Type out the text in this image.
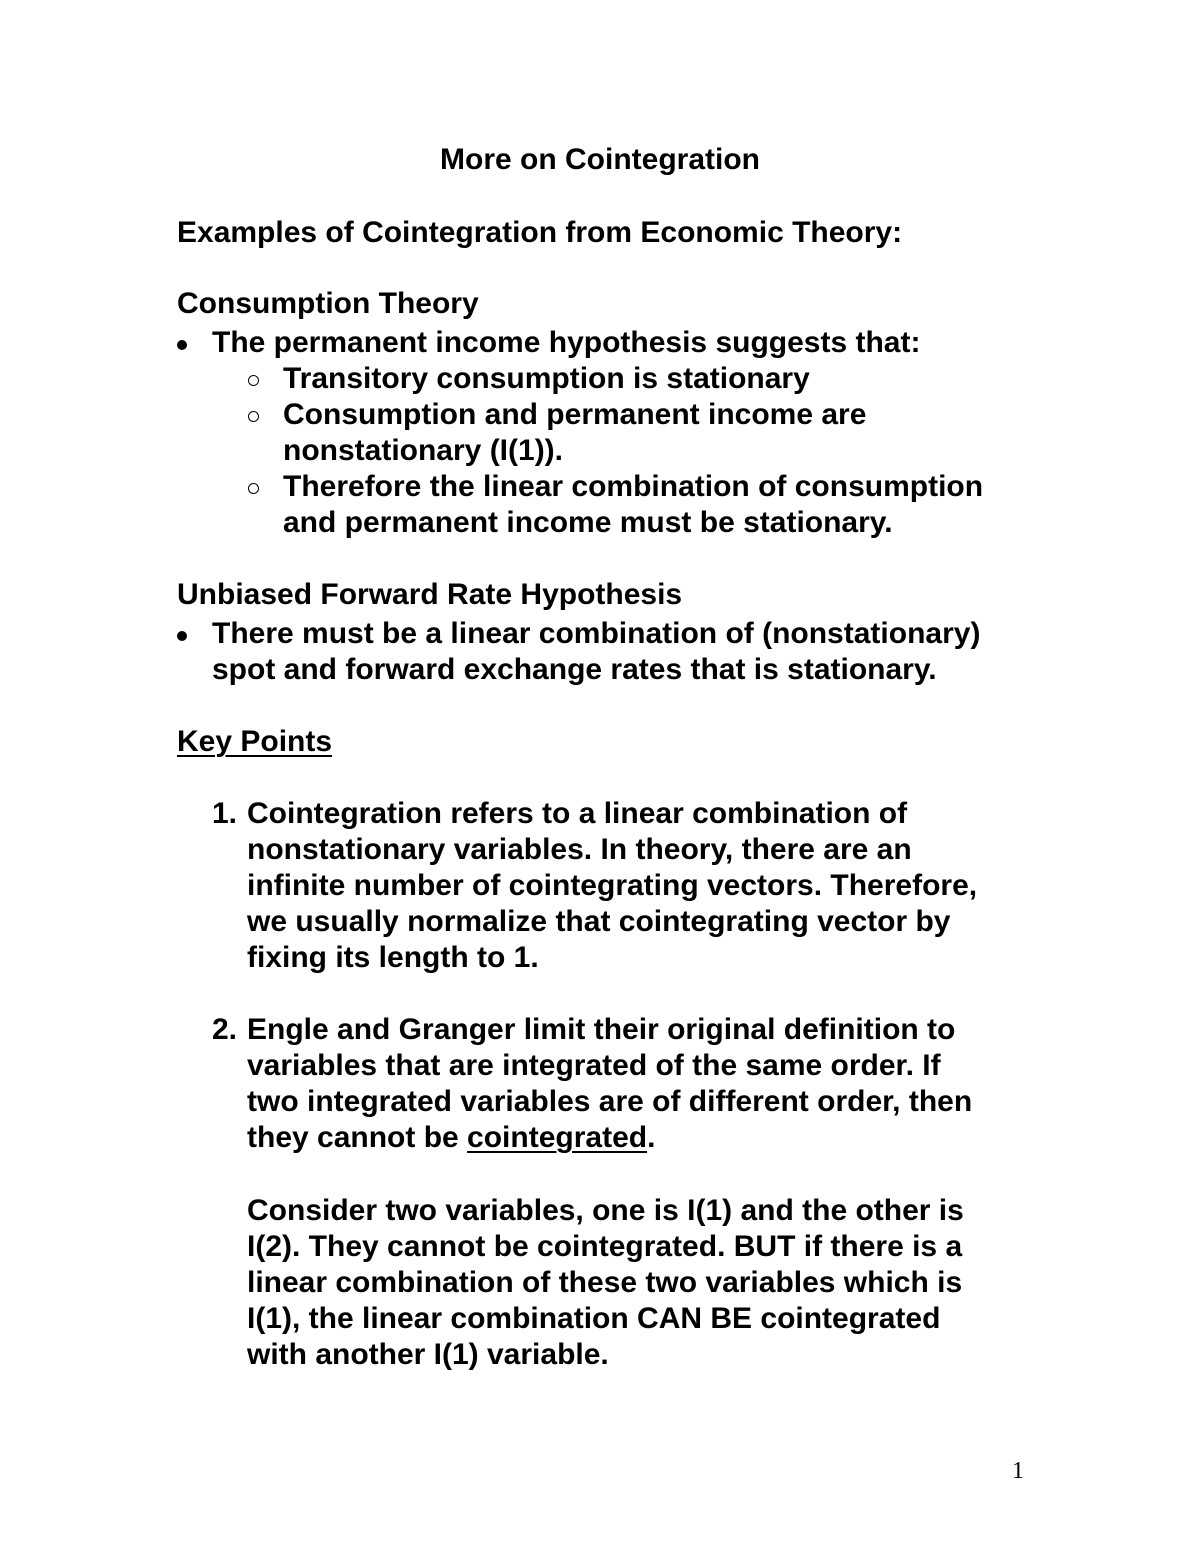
More on Cointegration
Examples of Cointegration from Economic Theory:
Consumption Theory
The permanent income hypothesis suggests that:
Transitory consumption is stationary
Consumption and permanent income are
nonstationary (I(1)).
Therefore the linear combination of consumption
and permanent income must be stationary.
Unbiased Forward Rate Hypothesis
There must be a linear combination of (nonstationary)
spot and forward exchange rates that is stationary.
Key Points
1. Cointegration refers to a linear combination of
nonstationary variables. In theory, there are an
infinite number of cointegrating vectors. Therefore,
we usually normalize that cointegrating vector by
fixing its length to 1.
2. Engle and Granger limit their original definition to
variables that are integrated of the same order. If
two integrated variables are of different order, then
they cannot be cointegrated.
Consider two variables, one is I(1) and the other is
I(2). They cannot be cointegrated. BUT if there is a
linear combination of these two variables which is
I(1), the linear combination CAN BE cointegrated
with another I(1) variable.
1
